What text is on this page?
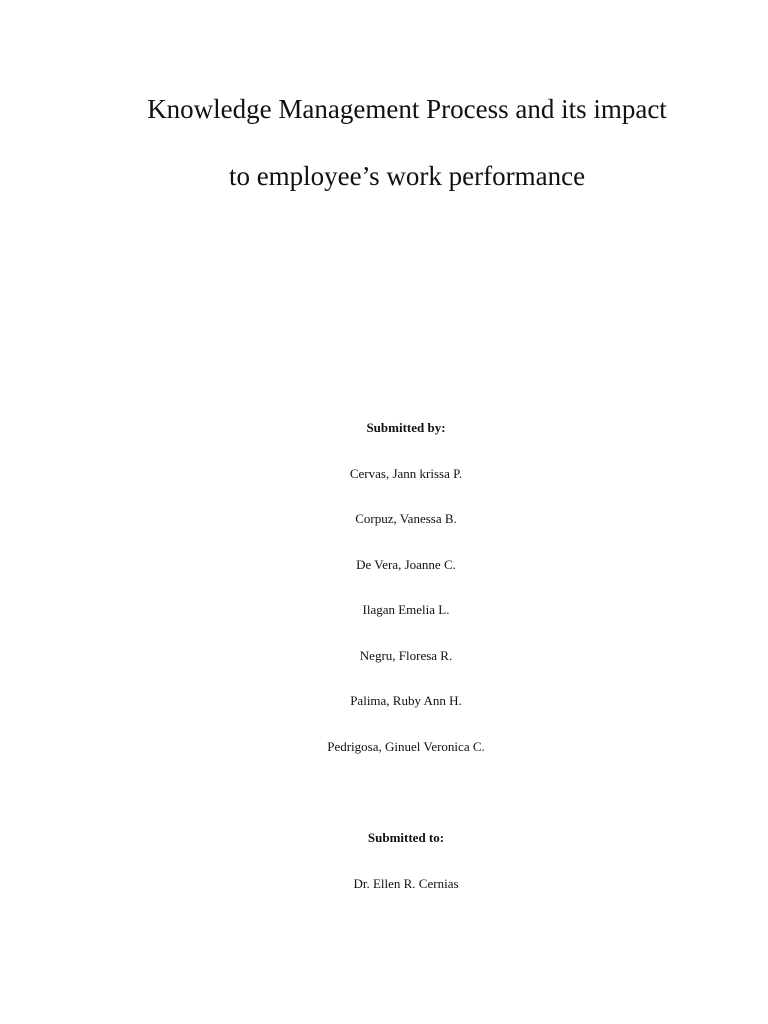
Knowledge Management Process and its impact
to employee’s work performance
Submitted by:
Cervas, Jann krissa P.
Corpuz, Vanessa B.
De Vera, Joanne C.
Ilagan Emelia L.
Negru, Floresa R.
Palima, Ruby Ann H.
Pedrigosa, Ginuel Veronica C.
Submitted to:
Dr. Ellen R. Cernias
